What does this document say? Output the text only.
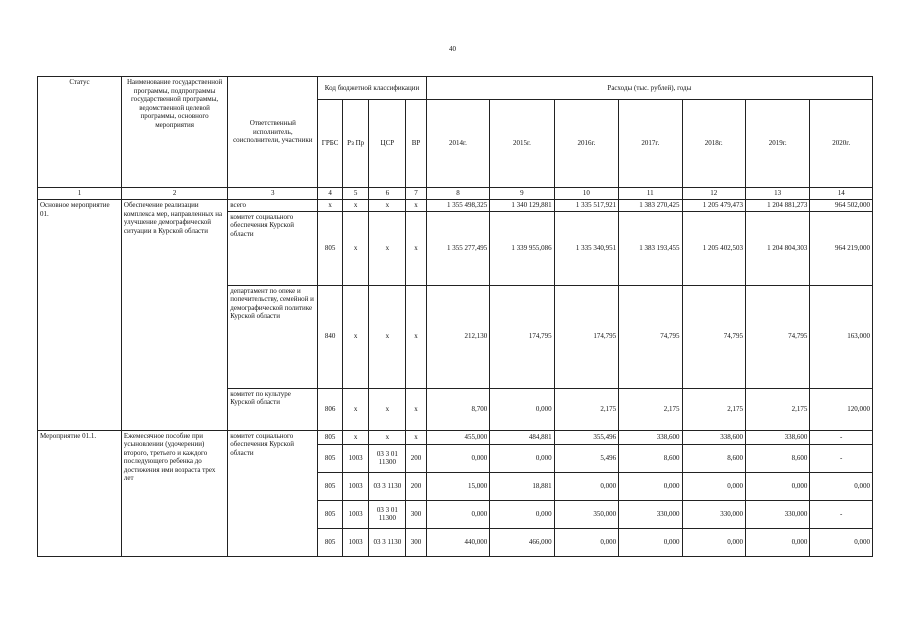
40
Статус	Наименование государственной программы, подпрограммы государственной программы, ведомственной целевой программы, основного мероприятия	Ответственный исполнитель, соисполнители, участники	Код бюджетной классификации				Расходы (тыс. рублей), годы						
			ГРБС	Рз Пр	ЦСР	ВР	2014г.	2015г.	2016г.	2017г.	2018г.	2019г.	2020г.
1	2	3	4	5	6	7	8	9	10	11	12	13	14
Основное мероприятие 01.	Обеспечение реализации комплекса мер, направленных на улучшение демографической ситуации в Курской области	всего	x	x	x	x	1 355 498,325	1 340 129,881	1 335 517,921	1 383 270,425	1 205 479,473	1 204 881,273	964 502,000
		комитет социального обеспечения Курской области	805	x	x	x	1 355 277,495	1 339 955,086	1 335 340,951	1 383 193,455	1 205 402,503	1 204 804,303	964 219,000
		департамент по опеке и попечительству, семейной и демографической политике Курской области	840	x	x	x	212,130	174,795	174,795	74,795	74,795	74,795	163,000
		комитет по культуре Курской области	806	x	x	x	8,700	0,000	2,175	2,175	2,175	2,175	120,000
Мероприятие 01.1.	Ежемесячное пособие при усыновлении (удочерении) второго, третьего и каждого последующего ребенка до достижения ими возраста трех лет	комитет социального обеспечения Курской области	805	x	x	x	455,000	484,881	355,496	338,600	338,600	338,600	-
			805	1003	03 3 01 11300	200	0,000	0,000	5,496	8,600	8,600	8,600	-
			805	1003	03 3 1130	200	15,000	18,881	0,000	0,000	0,000	0,000	0,000
			805	1003	03 3 01 11300	300	0,000	0,000	350,000	330,000	330,000	330,000	-
			805	1003	03 3 1130	300	440,000	466,000	0,000	0,000	0,000	0,000	0,000
